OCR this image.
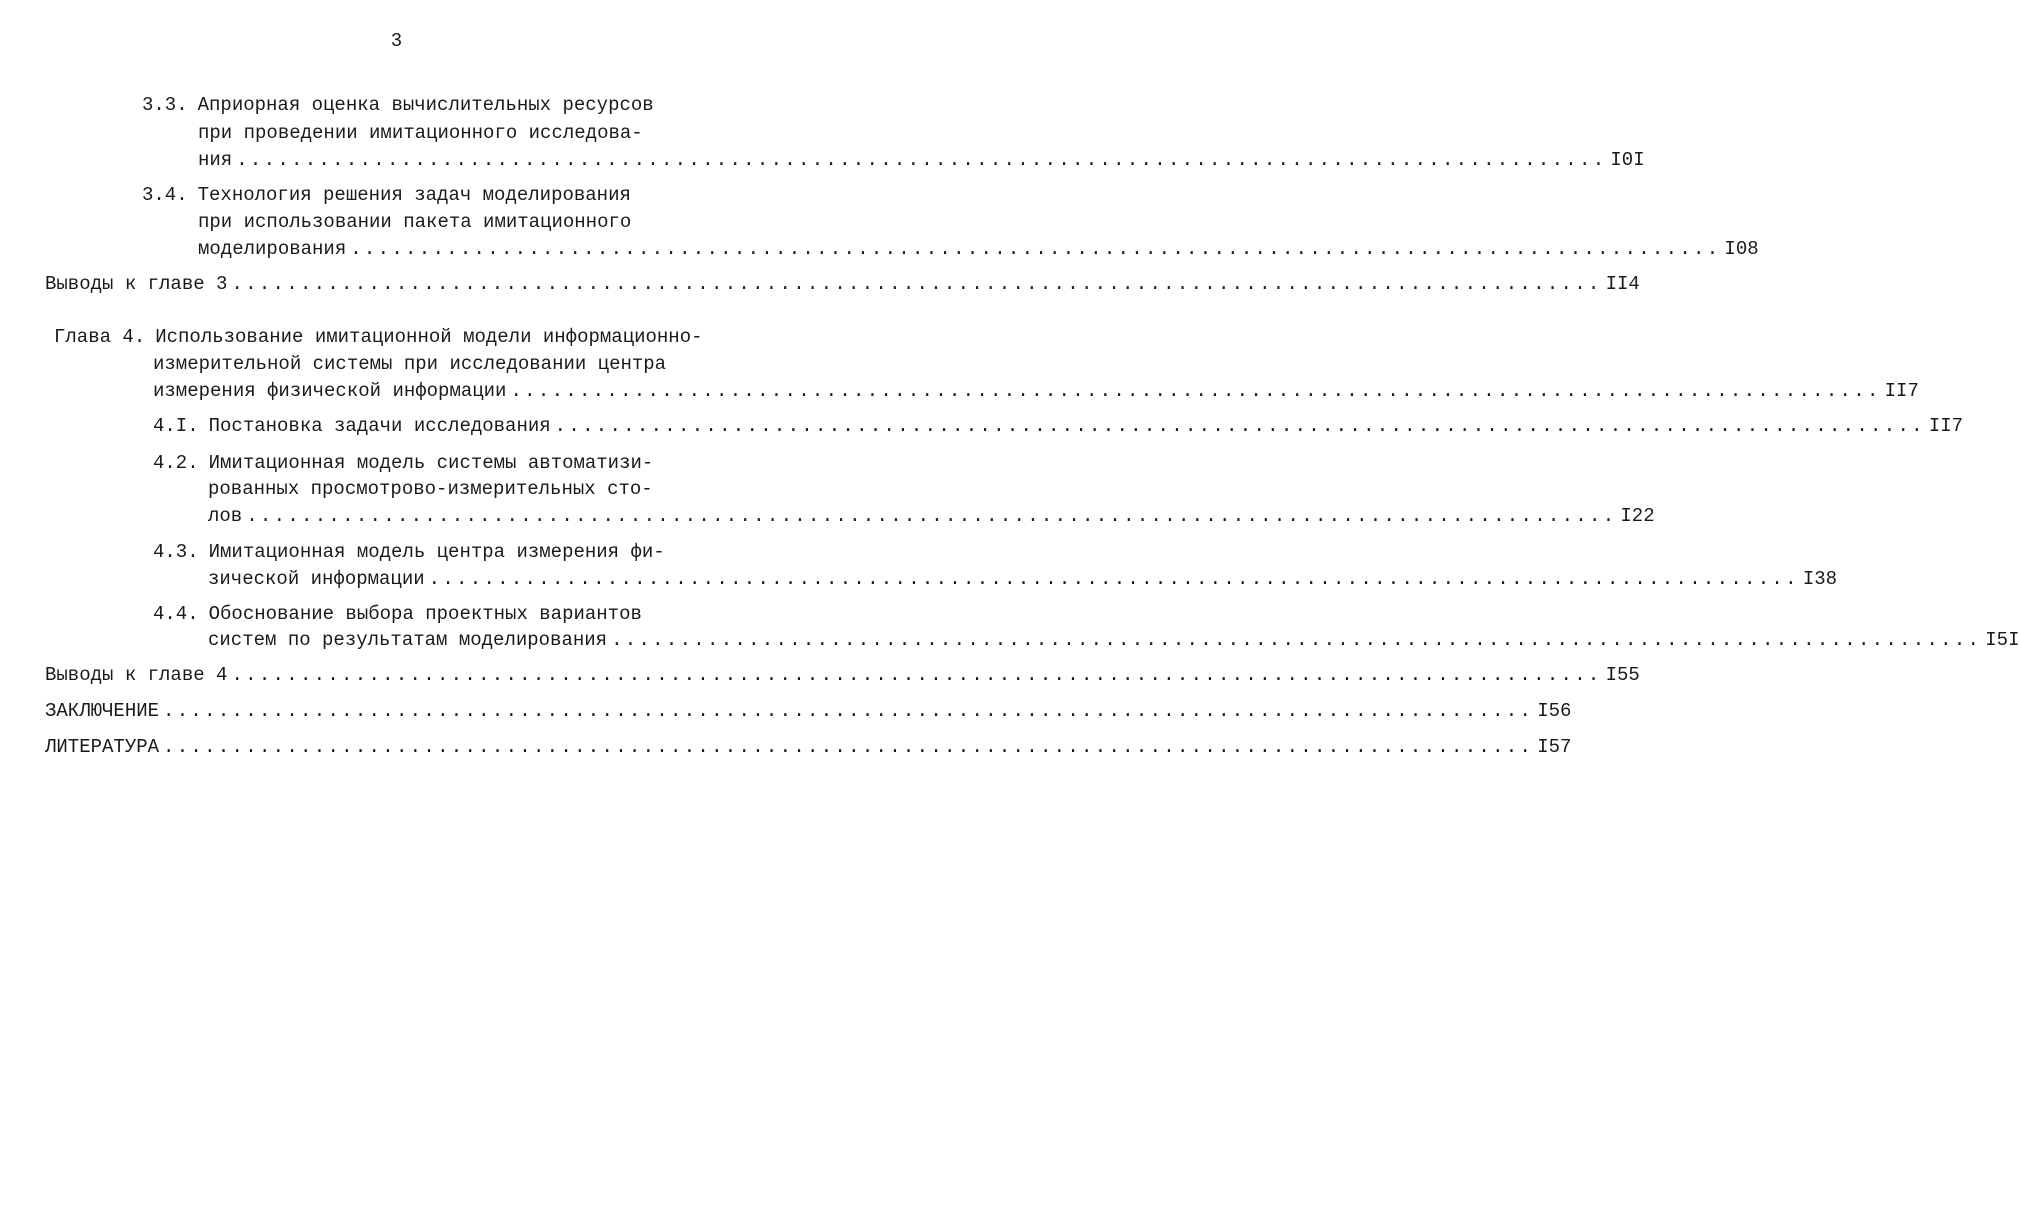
3
3.3. Априорная оценка вычислительных ресурсов
при проведении имитационного исследова-
ния .................................................................................................... I0I
3.4. Технология решения задач моделирования
при использовании пакета имитационного
моделирования .................................................................................................... I08
Выводы к главе 3 .................................................................................................... II4
Глава 4. Использование имитационной модели информационно-
измерительной системы при исследовании центра
измерения физической информации .................................................................................................... II7
4.I. Постановка задачи исследования .................................................................................................... II7
4.2. Имитационная модель системы автоматизи-
рованных просмотрово-измерительных сто-
лов .................................................................................................... I22
4.3. Имитационная модель центра измерения фи-
зической информации .................................................................................................... I38
4.4. Обоснование выбора проектных вариантов
систем по результатам моделирования .................................................................................................... I5I
Выводы к главе 4 .................................................................................................... I55
ЗАКЛЮЧЕНИЕ .................................................................................................... I56
ЛИТЕРАТУРА .................................................................................................... I57
